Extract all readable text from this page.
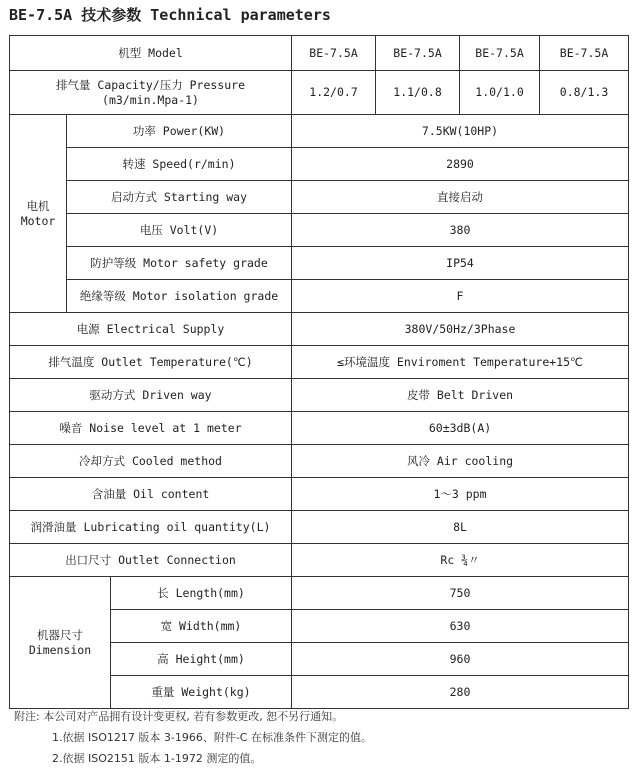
BE-7.5A 技术参数 Technical parameters
机型 Model			BE-7.5A	BE-7.5A	BE-7.5A	BE-7.5A

排气量 Capacity/压力 Pressure
(m3/min.Mpa-1)			1.2/0.7	1.1/0.8	1.0/1.0	0.8/1.3

电机
Motor	功率 Power(KW)		7.5KW(10HP)			
	转速 Speed(r/min)		2890			
	启动方式 Starting way		直接启动			
	电压 Volt(V)		380			
	防护等级 Motor safety grade		IP54			
	绝缘等级 Motor isolation grade		F			
电源 Electrical Supply			380V/50Hz/3Phase			
排气温度 Outlet Temperature(℃)			≤环境温度 Enviroment Temperature+15℃			
驱动方式 Driven way			皮带 Belt Driven			
噪音 Noise level at 1 meter			60±3dB(A)			
冷却方式 Cooled method			风冷 Air cooling			
含油量 Oil content			1～3 ppm			
润滑油量 Lubricating oil quantity(L)			8L			
出口尺寸 Outlet Connection			Rc ¾〃			

机器尺寸
Dimension		长 Length(mm)	750			
		宽 Width(mm)	630			
		高 Height(mm)	960			
		重量 Weight(kg)	280			
附注: 本公司对产品拥有设计变更权, 若有参数更改, 恕不另行通知。
1.依据 ISO1217 版本 3-1966、附件-C 在标准条件下测定的值。
2.依据 ISO2151 版本 1-1972 测定的值。
